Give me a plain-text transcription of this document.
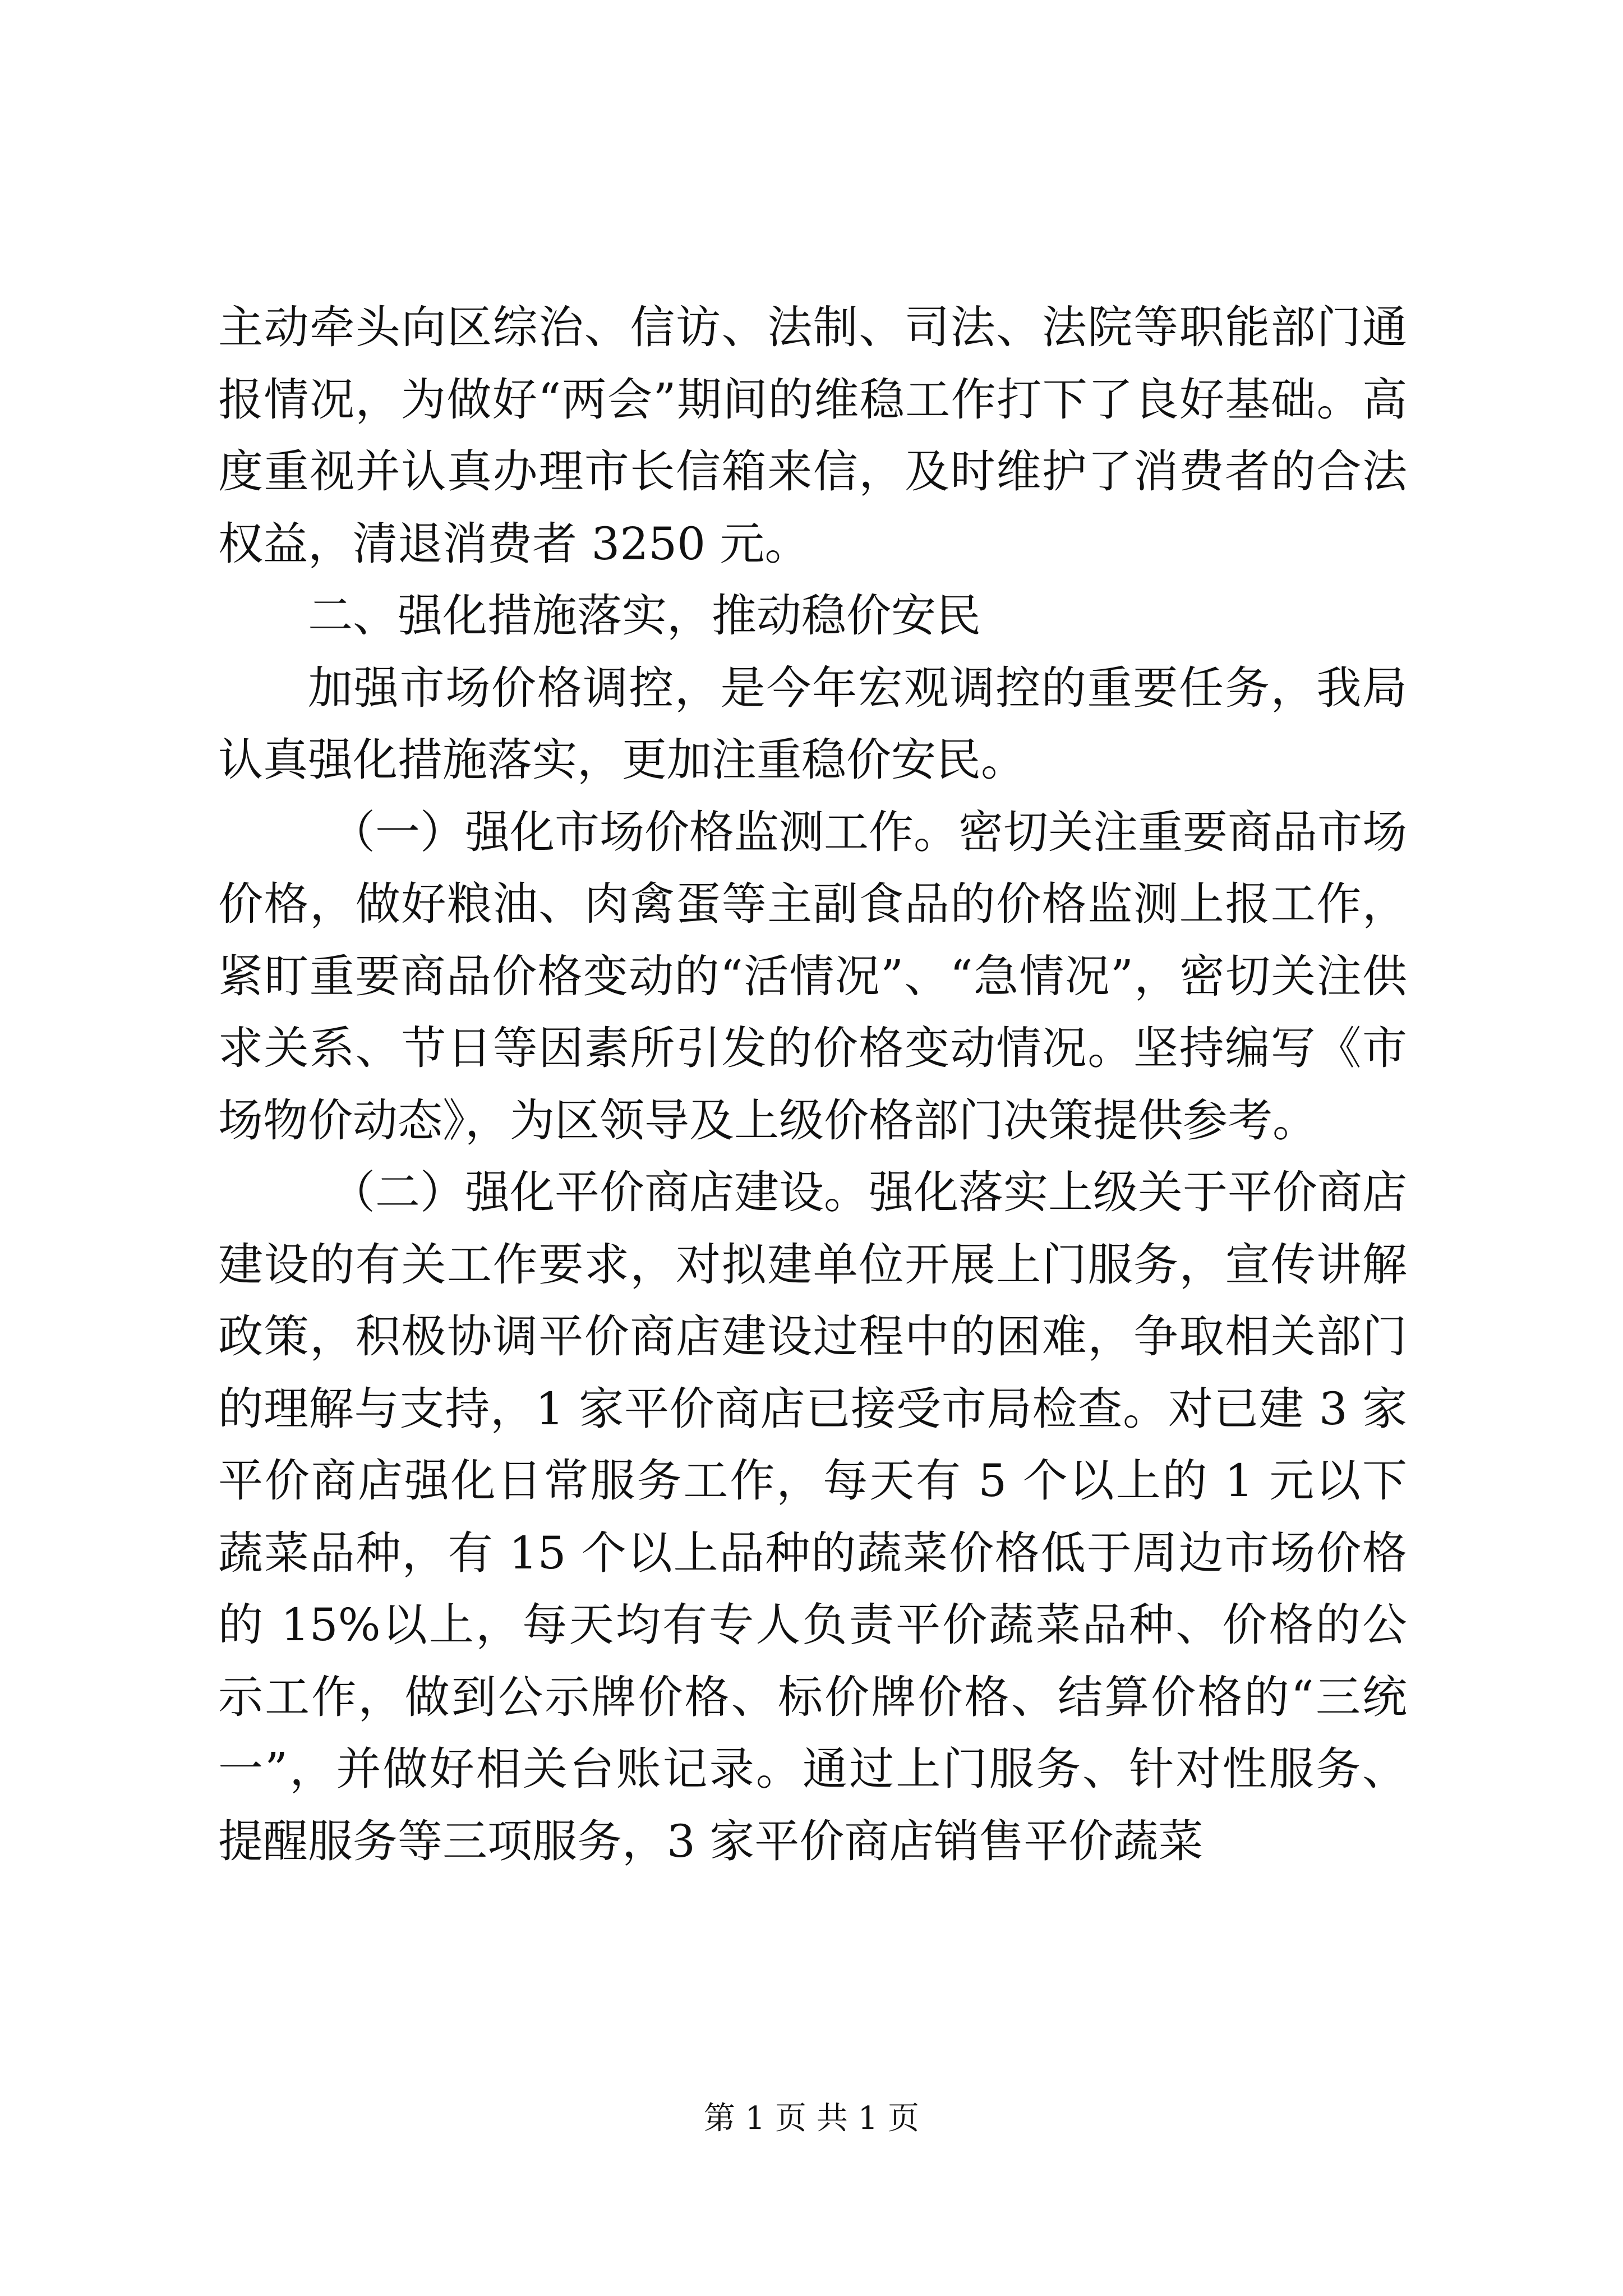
主动牵头向区综治、信访、法制、司法、法院等职能部门通报情况，为做好“两会”期间的维稳工作打下了良好基础。高度重视并认真办理市长信箱来信，及时维护了消费者的合法权益，清退消费者 3250 元。

二、强化措施落实，推动稳价安民

加强市场价格调控，是今年宏观调控的重要任务，我局认真强化措施落实，更加注重稳价安民。

（一）强化市场价格监测工作。密切关注重要商品市场价格，做好粮油、肉禽蛋等主副食品的价格监测上报工作，紧盯重要商品价格变动的“活情况”、“急情况”，密切关注供求关系、节日等因素所引发的价格变动情况。坚持编写《市场物价动态》，为区领导及上级价格部门决策提供参考。

（二）强化平价商店建设。强化落实上级关于平价商店建设的有关工作要求，对拟建单位开展上门服务，宣传讲解政策，积极协调平价商店建设过程中的困难，争取相关部门的理解与支持，1 家平价商店已接受市局检查。对已建 3 家平价商店强化日常服务工作，每天有 5 个以上的 1 元以下蔬菜品种，有 15 个以上品种的蔬菜价格低于周边市场价格的 15%以上，每天均有专人负责平价蔬菜品种、价格的公示工作，做到公示牌价格、标价牌价格、结算价格的“三统一”，并做好相关台账记录。通过上门服务、针对性服务、提醒服务等三项服务，3 家平价商店销售平价蔬菜

第 1 页 共 1 页
